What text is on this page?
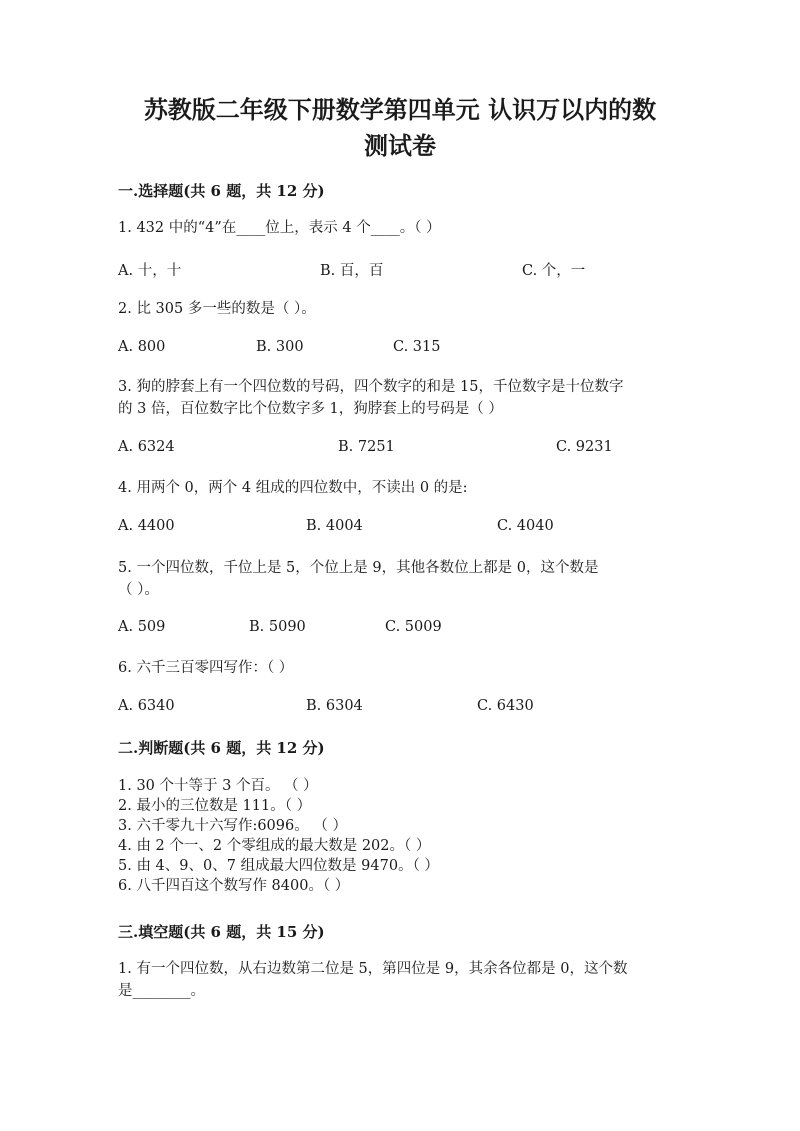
苏教版二年级下册数学第四单元 认识万以内的数
测试卷
一.选择题(共 6 题，共 12 分)
1. 432 中的“4”在____位上，表示 4 个____。（ ）
A. 十，十	B. 百，百	C. 个，一
2. 比 305 多一些的数是（ ）。
A. 800	B. 300	C. 315
3. 狗的脖套上有一个四位数的号码，四个数字的和是 15，千位数字是十位数字
的 3 倍，百位数字比个位数字多 1，狗脖套上的号码是（ ）
A. 6324	B. 7251	C. 9231
4. 用两个 0，两个 4 组成的四位数中，不读出 0 的是:
A. 4400	B. 4004	C. 4040
5. 一个四位数，千位上是 5，个位上是 9，其他各数位上都是 0，这个数是
（ ）。
A. 509	B. 5090	C. 5009
6. 六千三百零四写作：（ ）
A. 6340	B. 6304	C. 6430
二.判断题(共 6 题，共 12 分)
1. 30 个十等于 3 个百。 （ ）
2. 最小的三位数是 111。（ ）
3. 六千零九十六写作:6096。 （ ）
4. 由 2 个一、2 个零组成的最大数是 202。（ ）
5. 由 4、9、0、7 组成最大四位数是 9470。（ ）
6. 八千四百这个数写作 8400。（ ）
三.填空题(共 6 题，共 15 分)
1. 有一个四位数，从右边数第二位是 5，第四位是 9，其余各位都是 0，这个数
是________。
